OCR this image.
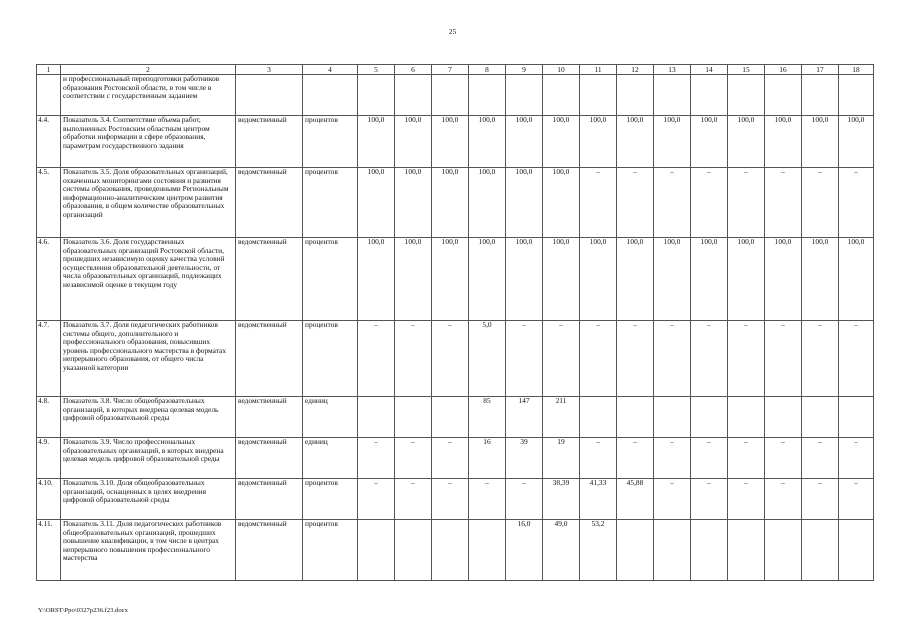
25
1	2	3	4	5	6	7	8	9	10	11	12	13	14	15	16	17	18
	и профессиональный переподготовки работников образования Ростовской области, в том числе в соответствии с государственным заданием																
4.4.	Показатель 3.4. Соответствие объема работ, выполненных Ростовским областным центром обработки информации в сфере образования, параметрам государственного задания	ведомственный	процентов	100,0	100,0	100,0	100,0	100,0	100,0	100,0	100,0	100,0	100,0	100,0	100,0	100,0	100,0
4.5.	Показатель 3.5. Доля образовательных организаций, охваченных мониторингами состояния и развития системы образования, проведенными Региональным информационно-аналитическим центром развития образования, в общем количестве образовательных организаций	ведомственный	процентов	100,0	100,0	100,0	100,0	100,0	100,0	–	–	–	–	–	–	–	–
4.6.	Показатель 3.6. Доля государственных образовательных организаций Ростовской области, прошедших независимую оценку качества условий осуществления образовательной деятельности, от числа образовательных организаций, подлежащих независимой оценке в текущем году	ведомственный	процентов	100,0	100,0	100,0	100,0	100,0	100,0	100,0	100,0	100,0	100,0	100,0	100,0	100,0	100,0
4.7.	Показатель 3.7. Доля педагогических работников системы общего, дополнительного и профессионального образования, повысивших уровень профессионального мастерства в форматах непрерывного образования, от общего числа указанной категории	ведомственный	процентов	–	–	–	5,0	–	–	–	–	–	–	–	–	–	–
4.8.	Показатель 3.8. Число общеобразовательных организаций, в которых внедрена целевая модель цифровой образовательной среды	ведомственный	единиц				85	147	211								
4.9.	Показатель 3.9. Число профессиональных образовательных организаций, в которых внедрена целевая модель цифровой образовательной среды	ведомственный	единиц	–	–	–	16	39	19	–	–	–	–	–	–	–	–
4.10.	Показатель 3.10. Доля общеобразовательных организаций, оснащенных в целях внедрения цифровой образовательной среды	ведомственный	процентов	–	–	–	–	–	38,39	41,33	45,88	–	–	–	–	–	–
4.11.	Показатель 3.11. Доля педагогических работников общеобразовательных организаций, прошедших повышение квалификации, в том числе в центрах непрерывного повышения профессионального мастерства	ведомственный	процентов					16,0	49,0	53,2							
Y:\ORST\Ppo\0327p236.f23.docx
